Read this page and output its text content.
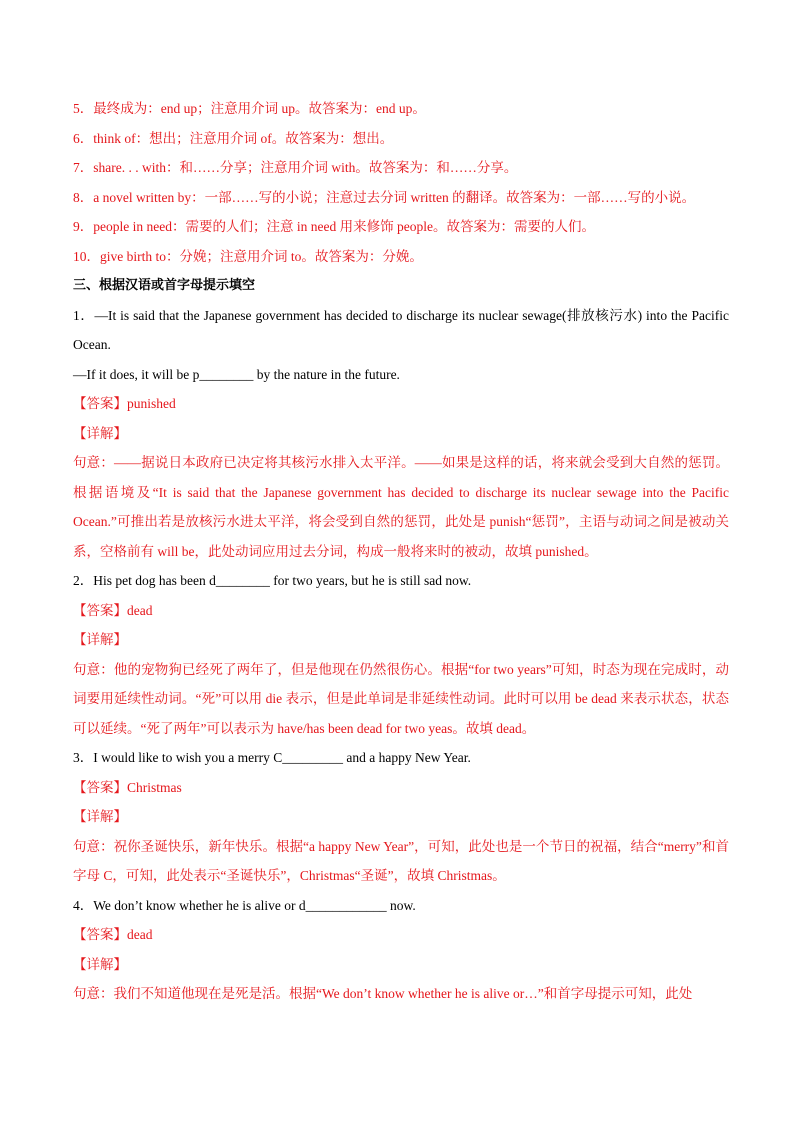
5．最终成为：end up；注意用介词 up。故答案为：end up。
6．think of：想出；注意用介词 of。故答案为：想出。
7．share. . . with：和……分享；注意用介词 with。故答案为：和……分享。
8．a novel written by：一部……写的小说；注意过去分词 written 的翻译。故答案为：一部……写的小说。
9．people in need：需要的人们；注意 in need 用来修饰 people。故答案为：需要的人们。
10．give birth to：分娩；注意用介词 to。故答案为：分娩。
三、根据汉语或首字母提示填空
1．—It is said that the Japanese government has decided to discharge its nuclear sewage(排放核污水) into the Pacific Ocean.
—If it does, it will be p________ by the nature in the future.
【答案】punished
【详解】
句意：——据说日本政府已决定将其核污水排入太平洋。——如果是这样的话，将来就会受到大自然的惩罚。根据语境及“It is said that the Japanese government has decided to discharge its nuclear sewage into the Pacific Ocean.”可推出若是放核污水进太平洋，将会受到自然的惩罚，此处是 punish“惩罚”，主语与动词之间是被动关系，空格前有 will be，此处动词应用过去分词，构成一般将来时的被动，故填 punished。
2．His pet dog has been d________ for two years, but he is still sad now.
【答案】dead
【详解】
句意：他的宠物狗已经死了两年了，但是他现在仍然很伤心。根据“for two years”可知，时态为现在完成时，动词要用延续性动词。“死”可以用 die 表示，但是此单词是非延续性动词。此时可以用 be dead 来表示状态，状态可以延续。“死了两年”可以表示为 have/has been dead for two yeas。故填 dead。
3．I would like to wish you a merry C_________ and a happy New Year.
【答案】Christmas
【详解】
句意：祝你圣诞快乐，新年快乐。根据“a happy New Year”，可知，此处也是一个节日的祝福，结合“merry”和首字母 C，可知，此处表示“圣诞快乐”，Christmas“圣诞”，故填 Christmas。
4．We don’t know whether he is alive or d____________ now.
【答案】dead
【详解】
句意：我们不知道他现在是死是活。根据“We don’t know whether he is alive or…”和首字母提示可知，此处
